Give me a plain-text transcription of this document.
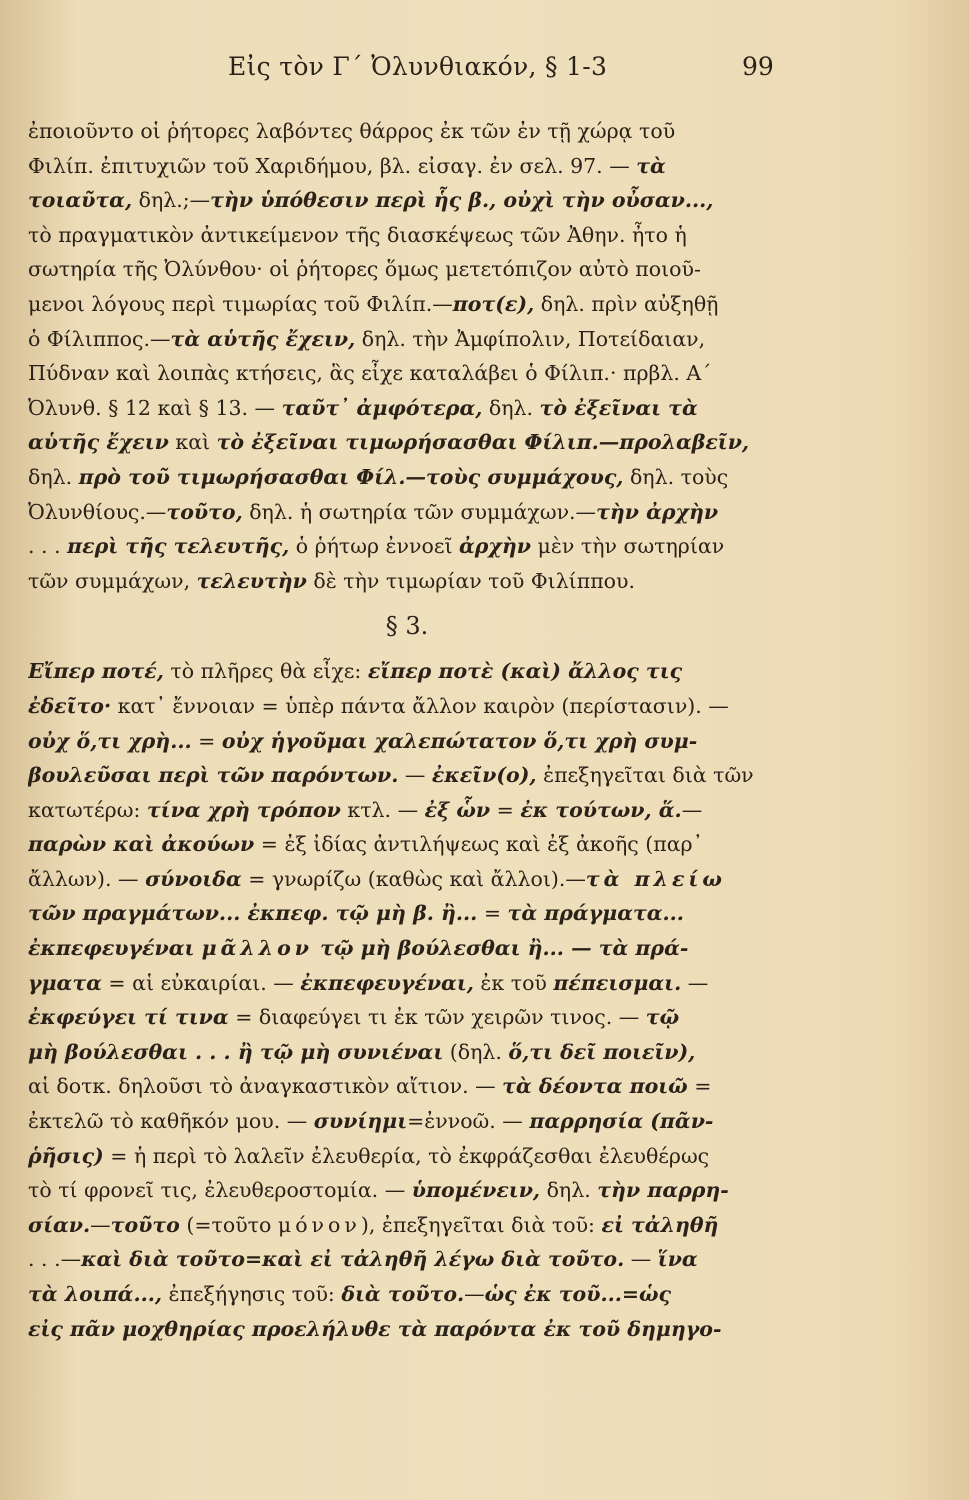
Εἰς τὸν Γ΄ Ὀλυνθιακόν, § 1-3	99
ἐποιοῦντο οἱ ῥήτορες λαβόντες θάρρος ἐκ τῶν ἐν τῇ χώρᾳ τοῦ
Φιλίπ. ἐπιτυχιῶν τοῦ Χαριδήμου, βλ. εἰσαγ. ἐν σελ. 97. — τὰ
τοιαῦτα, δηλ.;—τὴν ὑπόθεσιν περὶ ἧς β., οὐχὶ τὴν οὖσαν...,
τὸ πραγματικὸν ἀντικείμενον τῆς διασκέψεως τῶν Ἀθην. ἦτο ἡ
σωτηρία τῆς Ὀλύνθου· οἱ ῥήτορες ὅμως μετετόπιζον αὐτὸ ποιοῦ-
μενοι λόγους περὶ τιμωρίας τοῦ Φιλίπ.—ποτ(ε), δηλ. πρὶν αὐξηθῇ
ὁ Φίλιππος.—τὰ αὑτῆς ἔχειν, δηλ. τὴν Ἀμφίπολιν, Ποτείδαιαν,
Πύδναν καὶ λοιπὰς κτήσεις, ἃς εἶχε καταλάβει ὁ Φίλιπ.· πρβλ. Α΄
Ὀλυνθ. § 12 καὶ § 13. — ταῦτ᾽ ἀμφότερα, δηλ. τὸ ἐξεῖναι τὰ
αὑτῆς ἔχειν καὶ τὸ ἐξεῖναι τιμωρήσασθαι Φίλιπ.—προλαβεῖν,
δηλ. πρὸ τοῦ τιμωρήσασθαι Φίλ.—τοὺς συμμάχους, δηλ. τοὺς
Ὀλυνθίους.—τοῦτο, δηλ. ἡ σωτηρία τῶν συμμάχων.—τὴν ἀρχὴν
. . . περὶ τῆς τελευτῆς, ὁ ῥήτωρ ἐννοεῖ ἀρχὴν μὲν τὴν σωτηρίαν
τῶν συμμάχων, τελευτὴν δὲ τὴν τιμωρίαν τοῦ Φιλίππου.
§ 3.
Εἴπερ ποτέ, τὸ πλῆρες θὰ εἶχε: εἴπερ ποτὲ (καὶ) ἄλλος τις
ἐδεῖτο· κατ᾽ ἔννοιαν = ὑπὲρ πάντα ἄλλον καιρὸν (περίστασιν). —
οὐχ ὅ,τι χρὴ... = οὐχ ἡγοῦμαι χαλεπώτατον ὅ,τι χρὴ συμ-
βουλεῦσαι περὶ τῶν παρόντων. — ἐκεῖν(ο), ἐπεξηγεῖται διὰ τῶν
κατωτέρω: τίνα χρὴ τρόπον κτλ. — ἐξ ὧν = ἐκ τούτων, ἅ.—
παρὼν καὶ ἀκούων = ἐξ ἰδίας ἀντιλήψεως καὶ ἐξ ἀκοῆς (παρ᾽
ἄλλων). — σύνοιδα = γνωρίζω (καθὼς καὶ ἄλλοι).—τὰ πλείω
τῶν πραγμάτων... ἐκπεφ. τῷ μὴ β. ἢ... = τὰ πράγματα...
ἐκπεφευγέναι μᾶλλον τῷ μὴ βούλεσθαι ἢ... — τὰ πρά-
γματα = αἱ εὐκαιρίαι. — ἐκπεφευγέναι, ἐκ τοῦ πέπεισμαι. —
ἐκφεύγει τί τινα = διαφεύγει τι ἐκ τῶν χειρῶν τινος. — τῷ
μὴ βούλεσθαι . . . ἢ τῷ μὴ συνιέναι (δηλ. ὅ,τι δεῖ ποιεῖν),
αἱ δοτκ. δηλοῦσι τὸ ἀναγκαστικὸν αἴτιον. — τὰ δέοντα ποιῶ =
ἐκτελῶ τὸ καθῆκόν μου. — συνίημι=ἐννοῶ. — παρρησία (πᾶν-
ῥῆσις) = ἡ περὶ τὸ λαλεῖν ἐλευθερία, τὸ ἐκφράζεσθαι ἐλευθέρως
τὸ τί φρονεῖ τις, ἐλευθεροστομία. — ὑπομένειν, δηλ. τὴν παρρη-
σίαν.—τοῦτο (=τοῦτο μόνον), ἐπεξηγεῖται διὰ τοῦ: εἰ τἀληθῆ
. . .—καὶ διὰ τοῦτο=καὶ εἰ τἀληθῆ λέγω διὰ τοῦτο. — ἵνα
τὰ λοιπά..., ἐπεξήγησις τοῦ: διὰ τοῦτο.—ὡς ἐκ τοῦ...=ὡς
εἰς πᾶν μοχθηρίας προελήλυθε τὰ παρόντα ἐκ τοῦ δημηγο-
